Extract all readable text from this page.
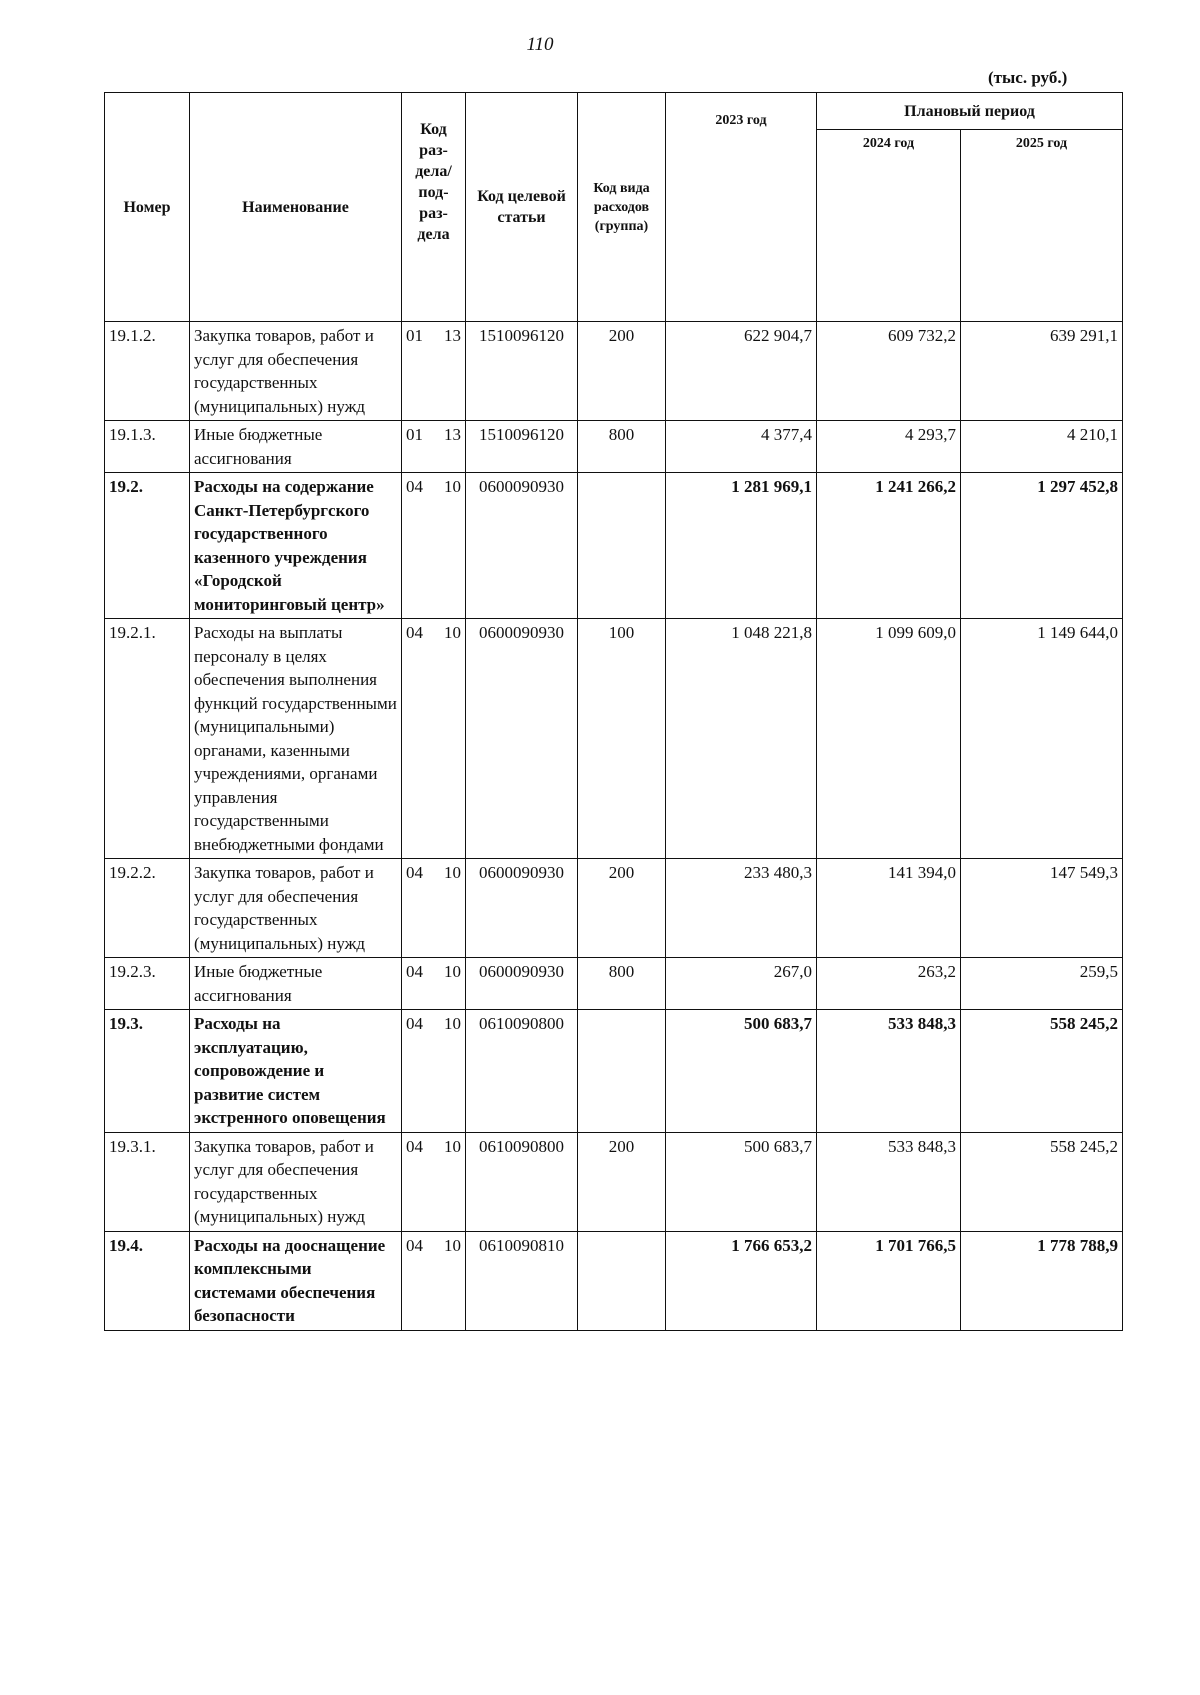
110
(тыс. руб.)
Номер	Наименование	Код раз-дела/ под-раз-дела	Код целевой статьи	Код вида расходов (группа)	2023 год	Плановый период	
						2024 год	2025 год
19.1.2.	Закупка товаров, работ и услуг для обеспечения государственных (муниципальных) нужд	01 13	1510096120	200	622 904,7	609 732,2	639 291,1
19.1.3.	Иные бюджетные ассигнования	01 13	1510096120	800	4 377,4	4 293,7	4 210,1
19.2.	Расходы на содержание Санкт-Петербургского государственного казенного учреждения «Городской мониторинговый центр»	04 10	0600090930		1 281 969,1	1 241 266,2	1 297 452,8
19.2.1.	Расходы на выплаты персоналу в целях обеспечения выполнения функций государственными (муниципальными) органами, казенными учреждениями, органами управления государственными внебюджетными фондами	04 10	0600090930	100	1 048 221,8	1 099 609,0	1 149 644,0
19.2.2.	Закупка товаров, работ и услуг для обеспечения государственных (муниципальных) нужд	04 10	0600090930	200	233 480,3	141 394,0	147 549,3
19.2.3.	Иные бюджетные ассигнования	04 10	0600090930	800	267,0	263,2	259,5
19.3.	Расходы на эксплуатацию, сопровождение и развитие систем экстренного оповещения	04 10	0610090800		500 683,7	533 848,3	558 245,2
19.3.1.	Закупка товаров, работ и услуг для обеспечения государственных (муниципальных) нужд	04 10	0610090800	200	500 683,7	533 848,3	558 245,2
19.4.	Расходы на дооснащение комплексными системами обеспечения безопасности	04 10	0610090810		1 766 653,2	1 701 766,5	1 778 788,9
